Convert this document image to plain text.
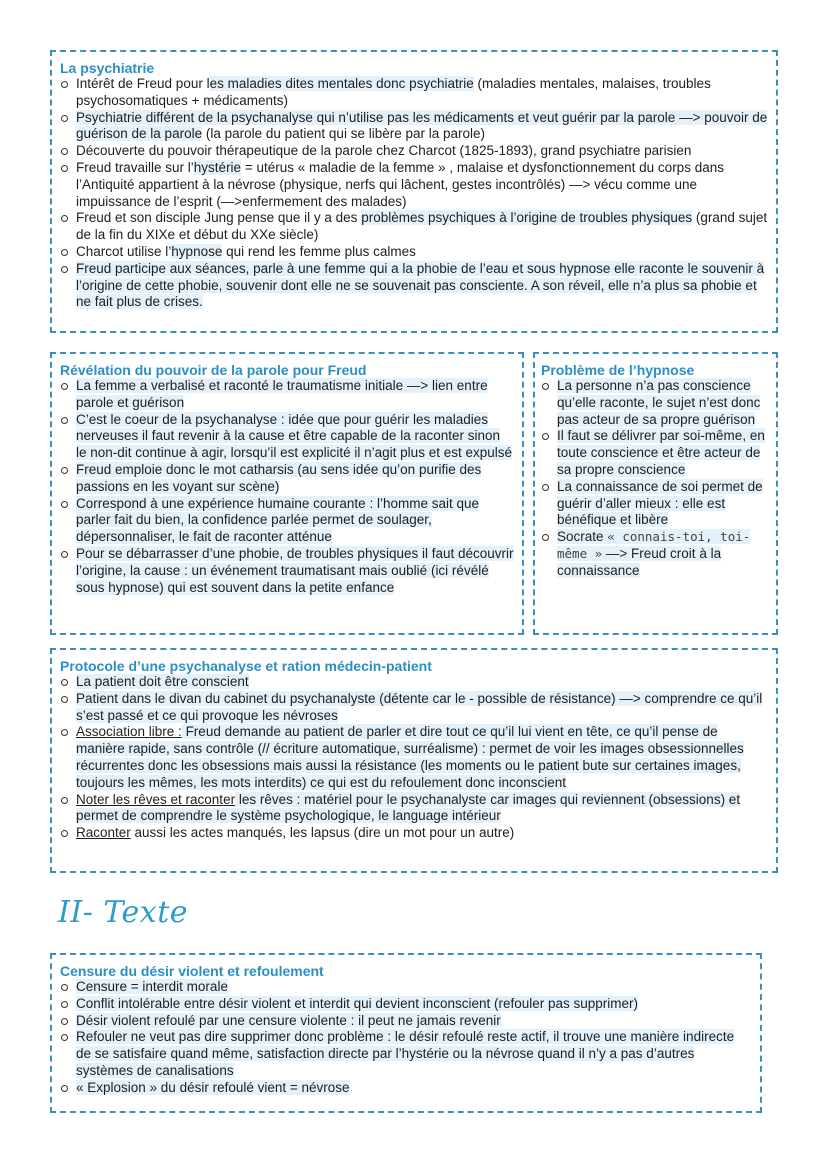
La psychiatrie
Intérêt de Freud pour les maladies dites mentales donc psychiatrie (maladies mentales, malaises, troubles psychosomatiques + médicaments)
Psychiatrie différent de la psychanalyse qui n’utilise pas les médicaments et veut guérir par la parole —> pouvoir de guérison de la parole (la parole du patient qui se libère par la parole)
Découverte du pouvoir thérapeutique de la parole chez Charcot (1825-1893), grand psychiatre parisien
Freud travaille sur l’hystérie = utérus « maladie de la femme » , malaise et dysfonctionnement du corps dans l’Antiquité appartient à la névrose (physique, nerfs qui lâchent, gestes incontrôlés) —> vécu comme une impuissance de l’esprit (—>enfermement des malades)
Freud et son disciple Jung pense que il y a des problèmes psychiques à l’origine de troubles physiques (grand sujet de la fin du XIXe et début du XXe siècle)
Charcot utilise l’hypnose qui rend les femme plus calmes
Freud participe aux séances, parle à une femme qui a la phobie de l’eau et sous hypnose elle raconte le souvenir à l’origine de cette phobie, souvenir dont elle ne se souvenait pas consciente. A son réveil, elle n’a plus sa phobie et ne fait plus de crises.
Révélation du pouvoir de la parole pour Freud
La femme a verbalisé et raconté le traumatisme initiale —> lien entre parole et guérison
C’est le coeur de la psychanalyse : idée que pour guérir les maladies nerveuses il faut revenir à la cause et être capable de la raconter sinon le non-dit continue à agir, lorsqu’il est explicité il n’agit plus et est expulsé
Freud emploie donc le mot catharsis (au sens idée qu’on purifie des passions en les voyant sur scène)
Correspond à une expérience humaine courante : l’homme sait que parler fait du bien, la confidence parlée permet de soulager, dépersonnaliser, le fait de raconter atténue
Pour se débarrasser d’une phobie, de troubles physiques il faut découvrir l’origine, la cause : un événement traumatisant mais oublié (ici révélé sous hypnose) qui est souvent dans la petite enfance
Problème de l’hypnose
La personne n’a pas conscience qu’elle raconte, le sujet n’est donc pas acteur de sa propre guérison
Il faut se délivrer par soi-même, en toute conscience et être acteur de sa propre conscience
La connaissance de soi permet de guérir d’aller mieux : elle est bénéfique et libère
Socrate « connais-toi, toi-même » —> Freud croit à la connaissance
Protocole d’une psychanalyse et ration médecin-patient
La patient doit être conscient
Patient dans le divan du cabinet du psychanalyste (détente car le - possible de résistance) —> comprendre ce qu’il s’est passé et ce qui provoque les névroses
Association libre : Freud demande au patient de parler et dire tout ce qu’il lui vient en tête, ce qu’il pense de manière rapide, sans contrôle (// écriture automatique, surréalisme) : permet de voir les images obsessionnelles récurrentes donc les obsessions mais aussi la résistance (les moments ou le patient bute sur certaines images, toujours les mêmes, les mots interdits) ce qui est du refoulement donc inconscient
Noter les rêves et raconter les rêves : matériel pour le psychanalyste car images qui reviennent (obsessions) et permet de comprendre le système psychologique, le language intérieur
Raconter aussi les actes manqués, les lapsus (dire un mot pour un autre)
II- Texte
Censure du désir violent et refoulement
Censure = interdit morale
Conflit intolérable entre désir violent et interdit qui devient inconscient (refouler pas supprimer)
Désir violent refoulé par une censure violente : il peut ne jamais revenir
Refouler ne veut pas dire supprimer donc problème : le désir refoulé reste actif, il trouve une manière indirecte de se satisfaire quand même, satisfaction directe par l’hystérie ou la névrose quand il n’y a pas d’autres systèmes de canalisations
« Explosion » du désir refoulé vient = névrose
